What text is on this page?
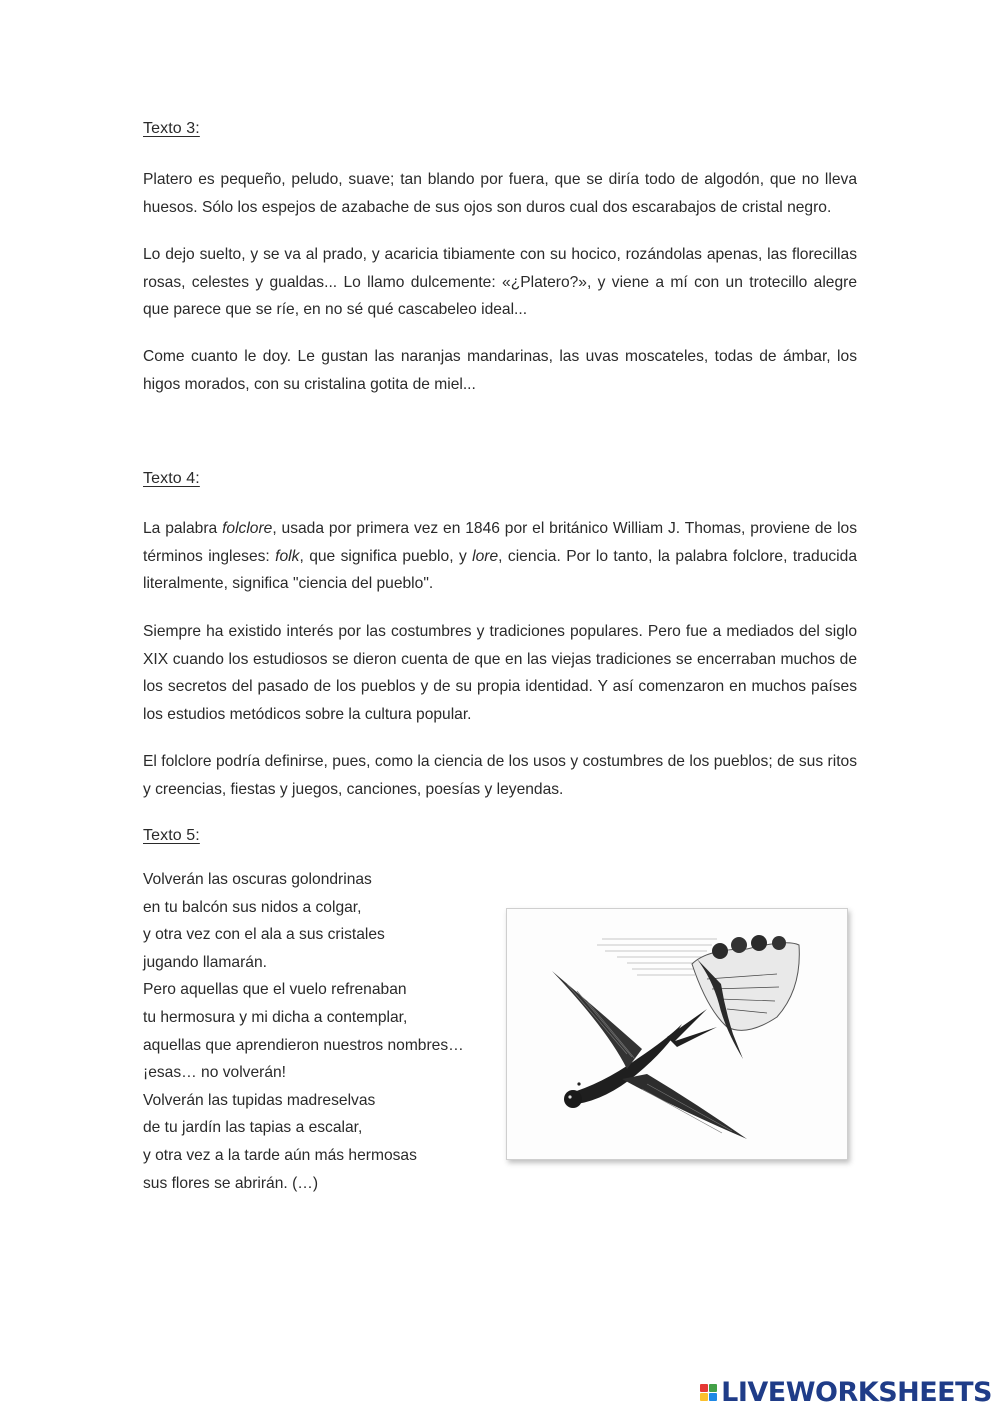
Texto 3:

Platero es pequeño, peludo, suave; tan blando por fuera, que se diría todo de algodón, que no lleva huesos. Sólo los espejos de azabache de sus ojos son duros cual dos escarabajos de cristal negro.

Lo dejo suelto, y se va al prado, y acaricia tibiamente con su hocico, rozándolas apenas, las florecillas rosas, celestes y gualdas... Lo llamo dulcemente: «¿Platero?», y viene a mí con un trotecillo alegre que parece que se ríe, en no sé qué cascabeleo ideal...

Come cuanto le doy. Le gustan las naranjas mandarinas, las uvas moscateles, todas de ámbar, los higos morados, con su cristalina gotita de miel...

Texto 4:

La palabra folclore, usada por primera vez en 1846 por el británico William J. Thomas, proviene de los términos ingleses: folk, que significa pueblo, y lore, ciencia. Por lo tanto, la palabra folclore, traducida literalmente, significa "ciencia del pueblo".

Siempre ha existido interés por las costumbres y tradiciones populares. Pero fue a mediados del siglo XIX cuando los estudiosos se dieron cuenta de que en las viejas tradiciones se encerraban muchos de los secretos del pasado de los pueblos y de su propia identidad. Y así comenzaron en muchos países los estudios metódicos sobre la cultura popular.

El folclore podría definirse, pues, como la ciencia de los usos y costumbres de los pueblos; de sus ritos y creencias, fiestas y juegos, canciones, poesías y leyendas.

Texto 5:
Volverán las oscuras golondrinas
en tu balcón sus nidos a colgar,
y otra vez con el ala a sus cristales
jugando llamarán.
Pero aquellas que el vuelo refrenaban
tu hermosura y mi dicha a contemplar,
aquellas que aprendieron nuestros nombres…
¡esas… no volverán!
Volverán las tupidas madreselvas
de tu jardín las tapias a escalar,
y otra vez a la tarde aún más hermosas
sus flores se abrirán. (…)
LIVEWORKSHEETS
